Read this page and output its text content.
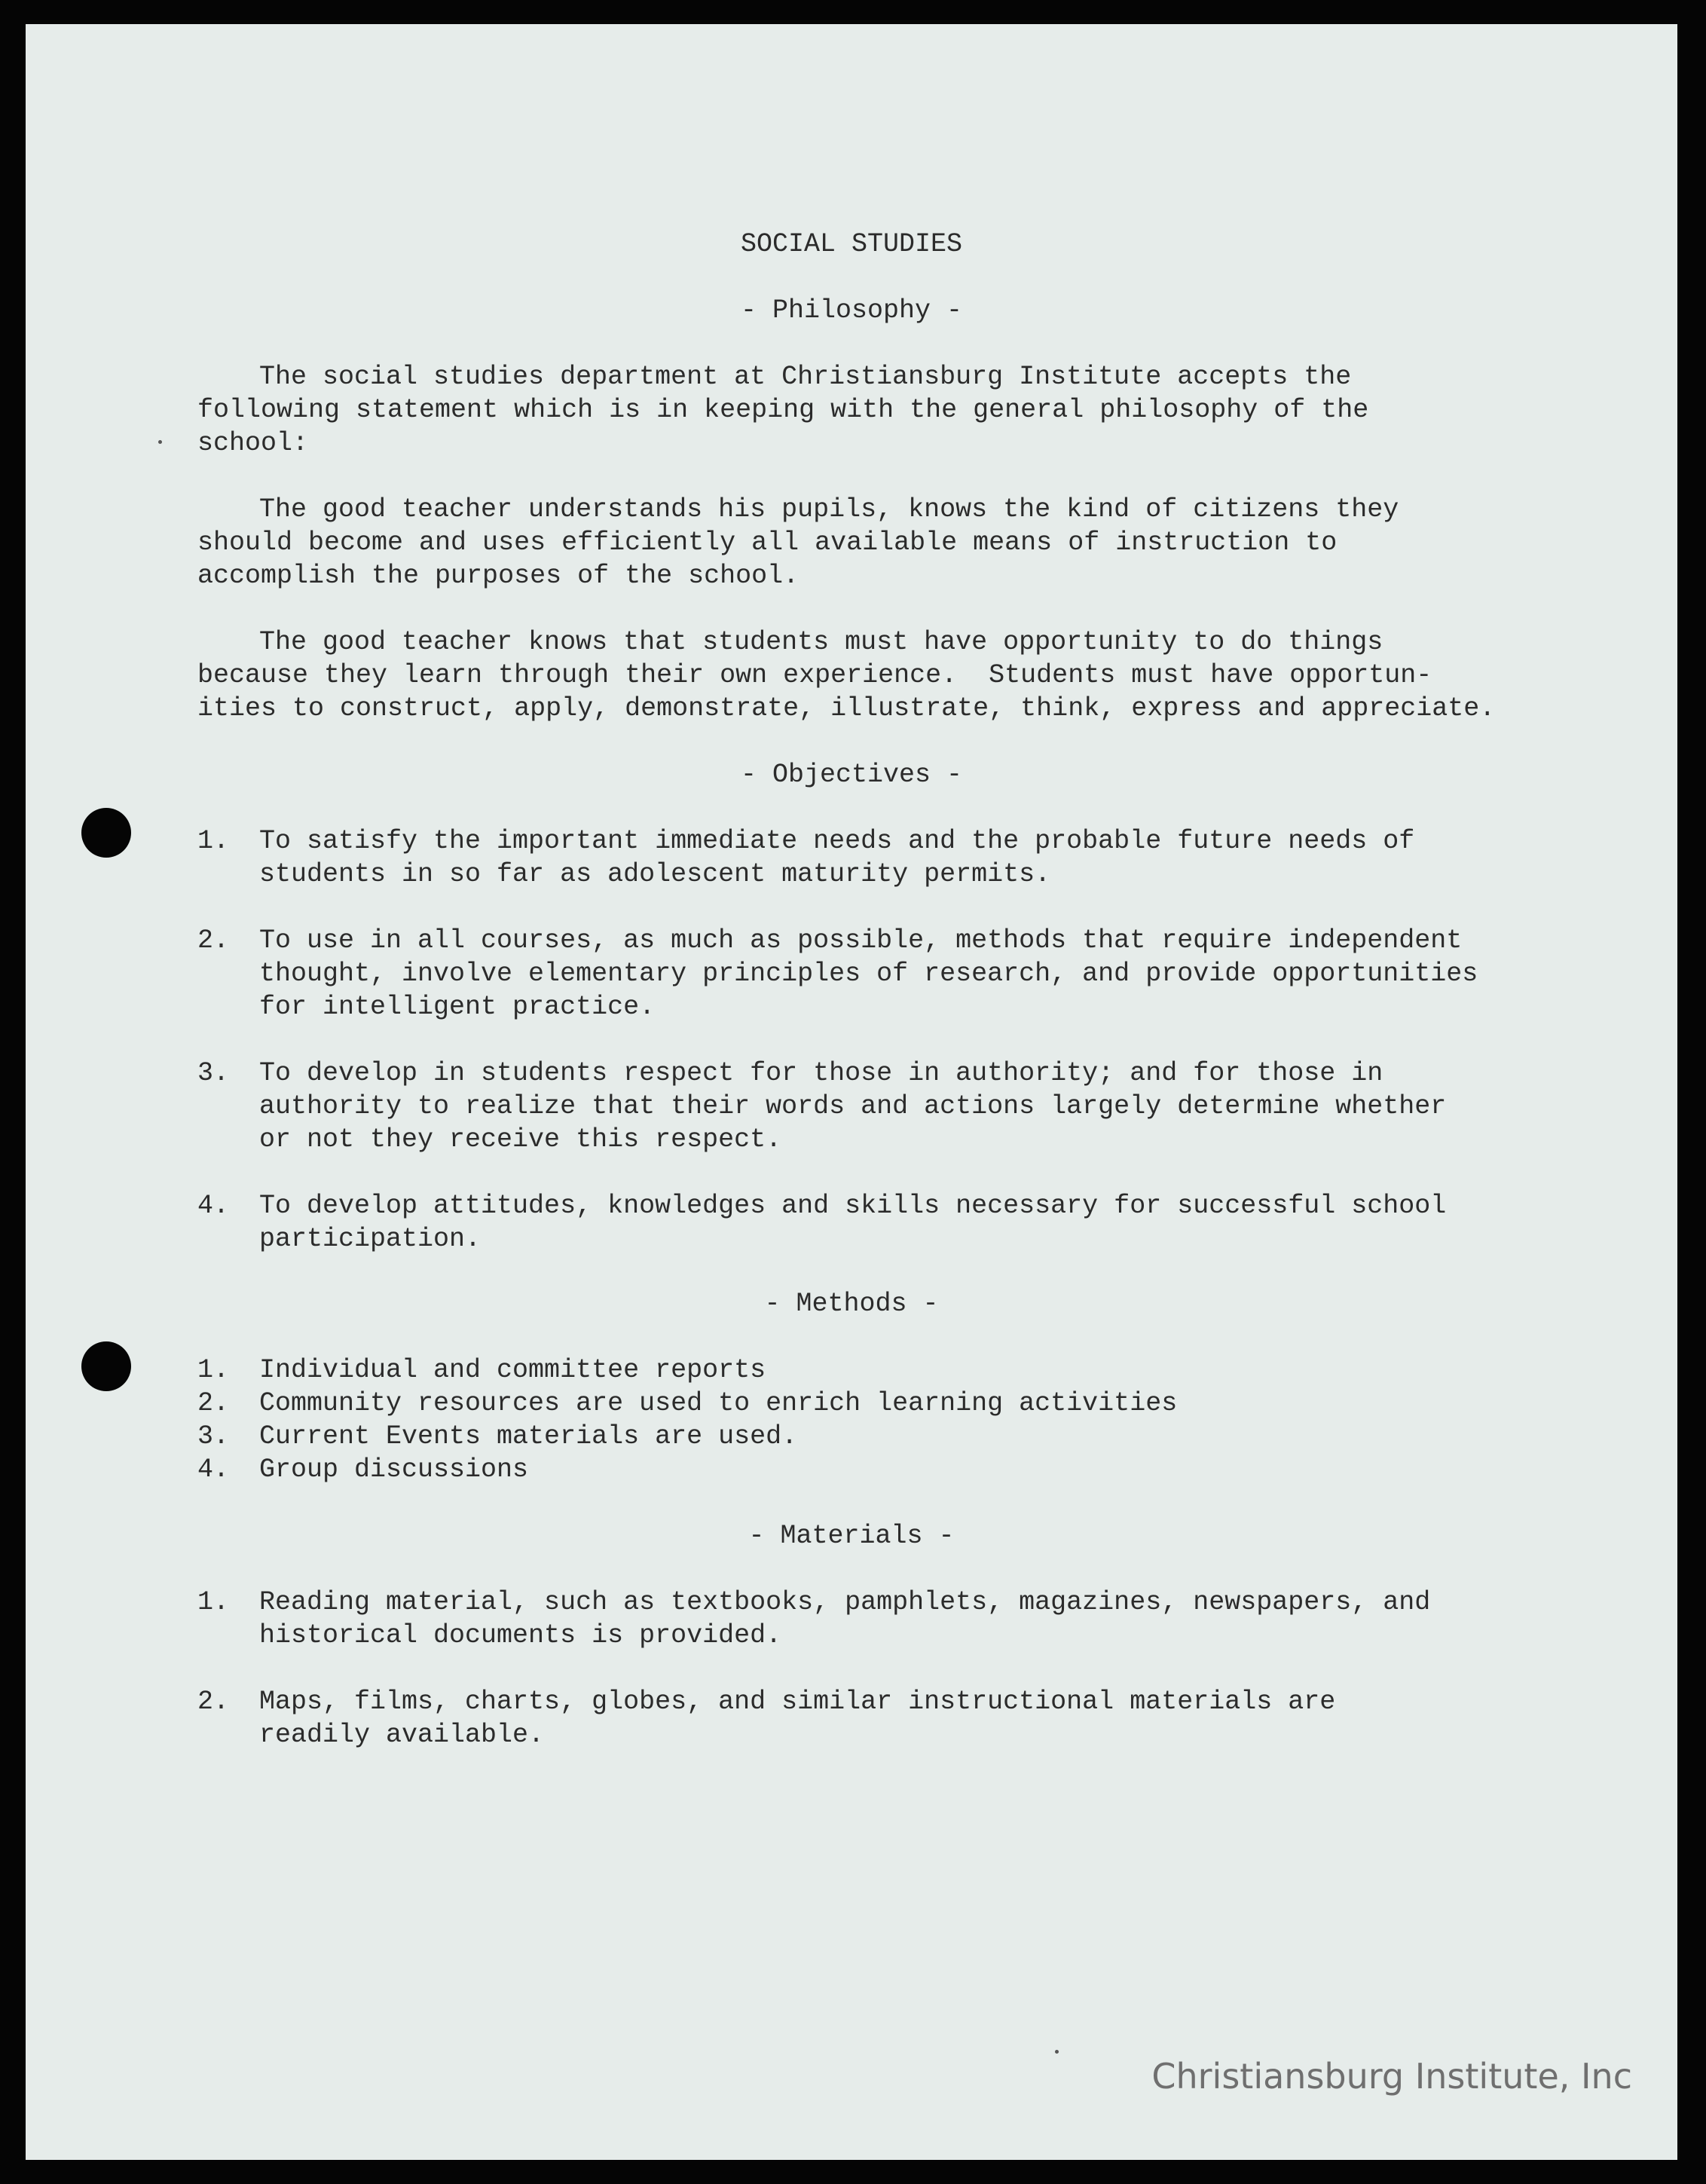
SOCIAL STUDIES

- Philosophy -

The social studies department at Christiansburg Institute accepts the

following statement which is in keeping with the general philosophy of the

school:

The good teacher understands his pupils, knows the kind of citizens they

should become and uses efficiently all available means of instruction to

accomplish the purposes of the school.

The good teacher knows that students must have opportunity to do things

because they learn through their own experience.  Students must have opportun-

ities to construct, apply, demonstrate, illustrate, think, express and appreciate.

- Objectives -

1. To satisfy the important immediate needs and the probable future needs of

students in so far as adolescent maturity permits.

2. To use in all courses, as much as possible, methods that require independent

thought, involve elementary principles of research, and provide opportunities

for intelligent practice.

3. To develop in students respect for those in authority; and for those in

authority to realize that their words and actions largely determine whether

or not they receive this respect.

4. To develop attitudes, knowledges and skills necessary for successful school

participation.

- Methods -

1. Individual and committee reports

2. Community resources are used to enrich learning activities

3. Current Events materials are used.

4. Group discussions

- Materials -

1. Reading material, such as textbooks, pamphlets, magazines, newspapers, and

historical documents is provided.

2. Maps, films, charts, globes, and similar instructional materials are

readily available.

Christiansburg Institute, Inc
